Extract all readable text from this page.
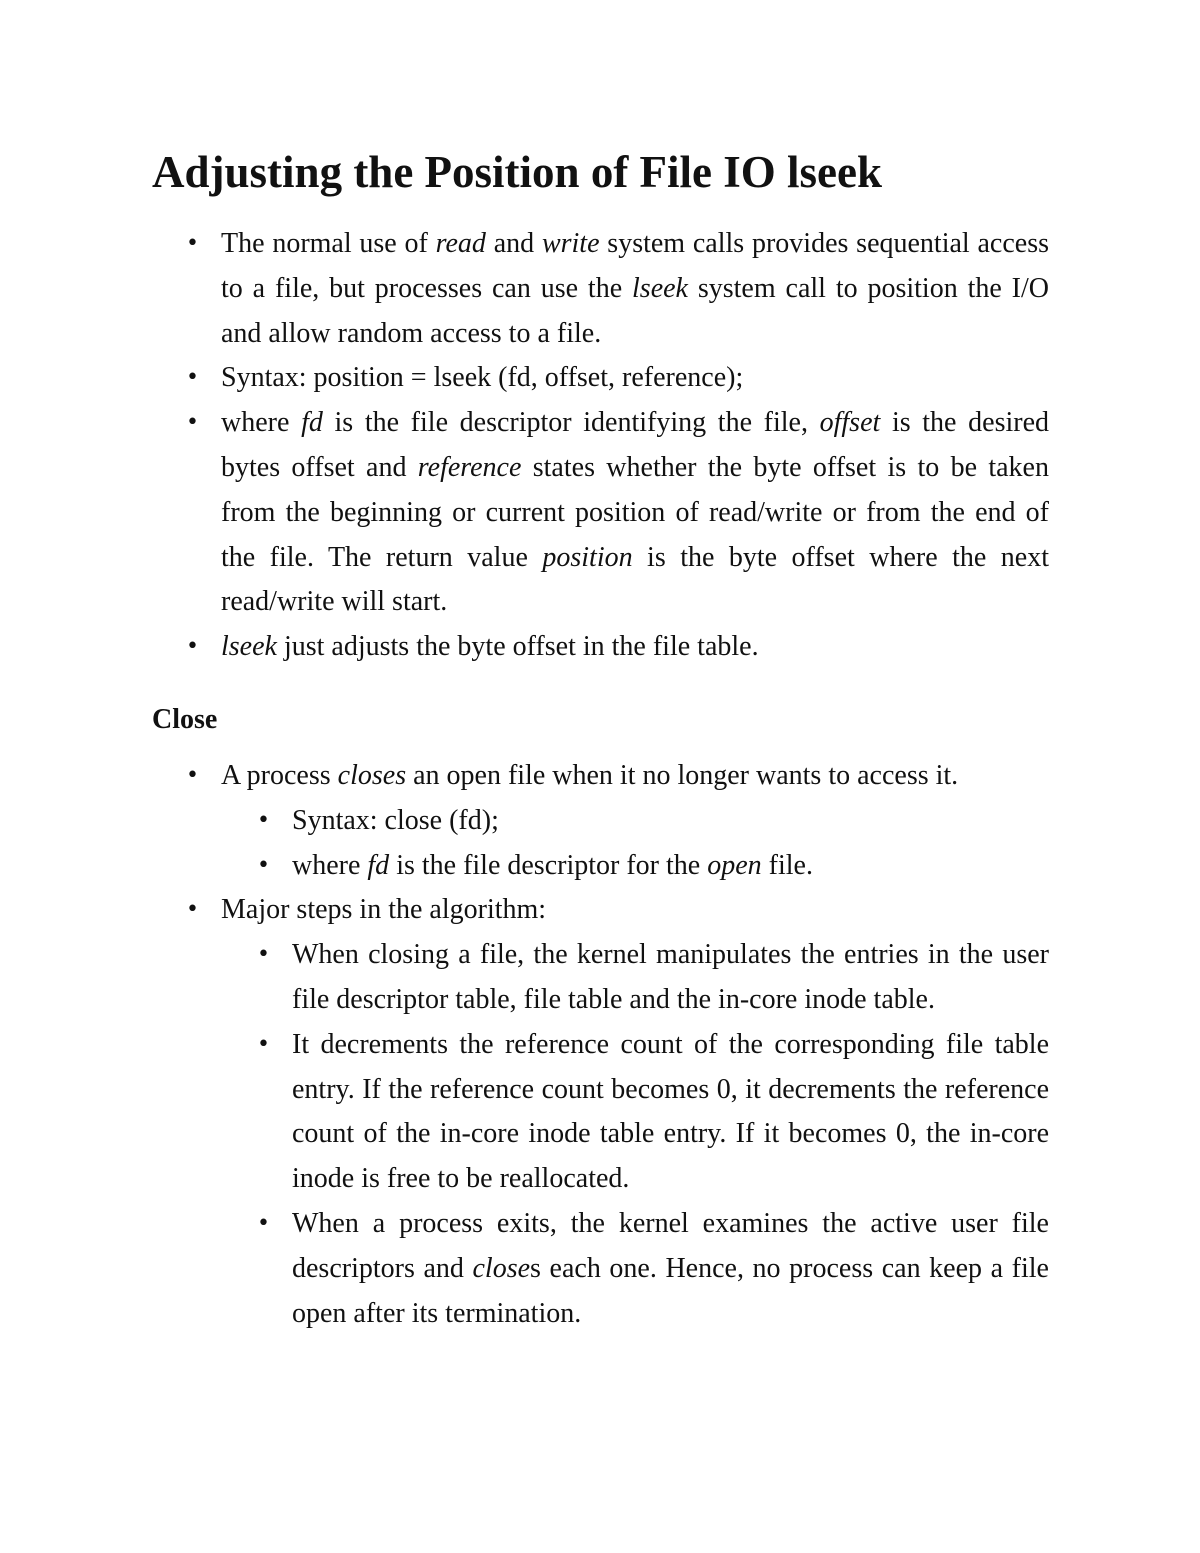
Adjusting the Position of File IO lseek
• The normal use of read and write system calls provides sequential access to a file, but processes can use the lseek system call to position the I/O and allow random access to a file.
• Syntax: position = lseek (fd, offset, reference);
• where fd is the file descriptor identifying the file, offset is the desired bytes offset and reference states whether the byte offset is to be taken from the beginning or current position of read/write or from the end of the file. The return value position is the byte offset where the next read/write will start.
• lseek just adjusts the byte offset in the file table.
Close
• A process closes an open file when it no longer wants to access it.
• Syntax: close (fd);
• where fd is the file descriptor for the open file.
• Major steps in the algorithm:
• When closing a file, the kernel manipulates the entries in the user file descriptor table, file table and the in-core inode table.
• It decrements the reference count of the corresponding file table entry. If the reference count becomes 0, it decrements the reference count of the in-core inode table entry. If it becomes 0, the in-core inode is free to be reallocated.
• When a process exits, the kernel examines the active user file descriptors and closes each one. Hence, no process can keep a file open after its termination.
